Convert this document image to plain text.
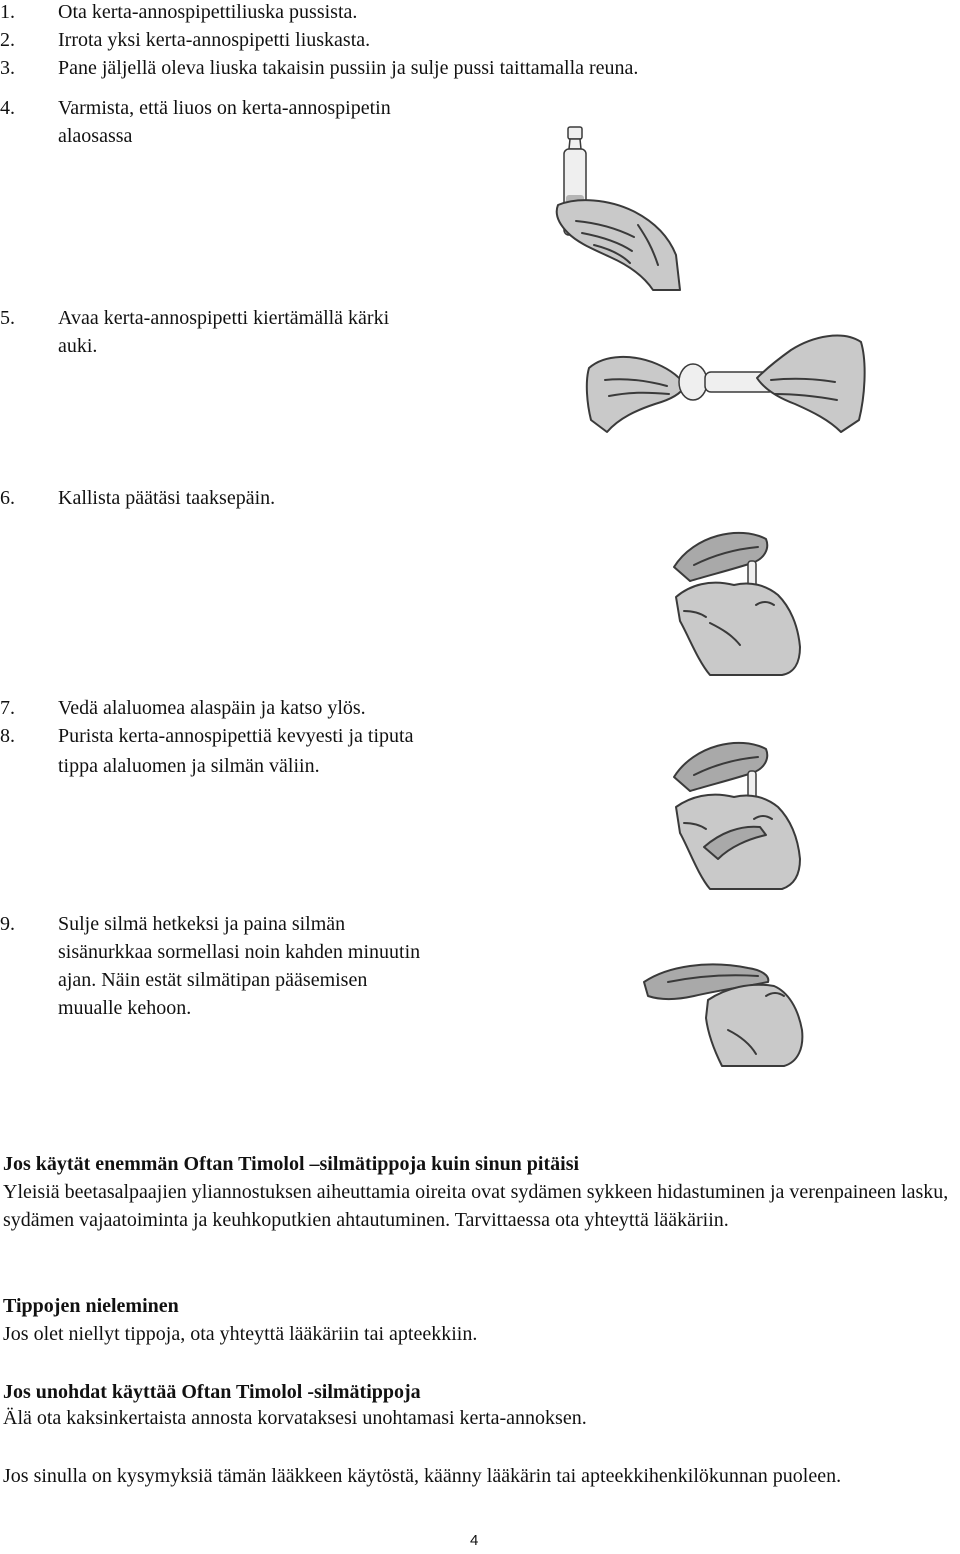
1. Ota kerta-annospipettiliuska pussista.
2. Irrota yksi kerta-annospipetti liuskasta.
3. Pane jäljellä oleva liuska takaisin pussiin ja sulje pussi taittamalla reuna.
4. Varmista, että liuos on kerta-annospipetin
alaosassa
5. Avaa kerta-annospipetti kiertämällä kärki
auki.
6. Kallista päätäsi taaksepäin.
7. Vedä alaluomea alaspäin ja katso ylös.
8. Purista kerta-annospipettiä kevyesti ja tiputa
tippa alaluomen ja silmän väliin.
9. Sulje silmä hetkeksi ja paina silmän
sisänurkkaa sormellasi noin kahden minuutin
ajan. Näin estät silmätipan pääsemisen
muualle kehoon.
Jos käytät enemmän Oftan Timolol –silmätippoja kuin sinun pitäisi
Yleisiä beetasalpaajien yliannostuksen aiheuttamia oireita ovat sydämen sykkeen hidastuminen ja verenpaineen lasku, sydämen vajaatoiminta ja keuhkoputkien ahtautuminen. Tarvittaessa ota yhteyttä lääkäriin.
Tippojen nieleminen
Jos olet niellyt tippoja, ota yhteyttä lääkäriin tai apteekkiin.
Jos unohdat käyttää Oftan Timolol -silmätippoja
Älä ota kaksinkertaista annosta korvataksesi unohtamasi kerta-annoksen.
Jos sinulla on kysymyksiä tämän lääkkeen käytöstä, käänny lääkärin tai apteekkihenkilökunnan puoleen.
4
